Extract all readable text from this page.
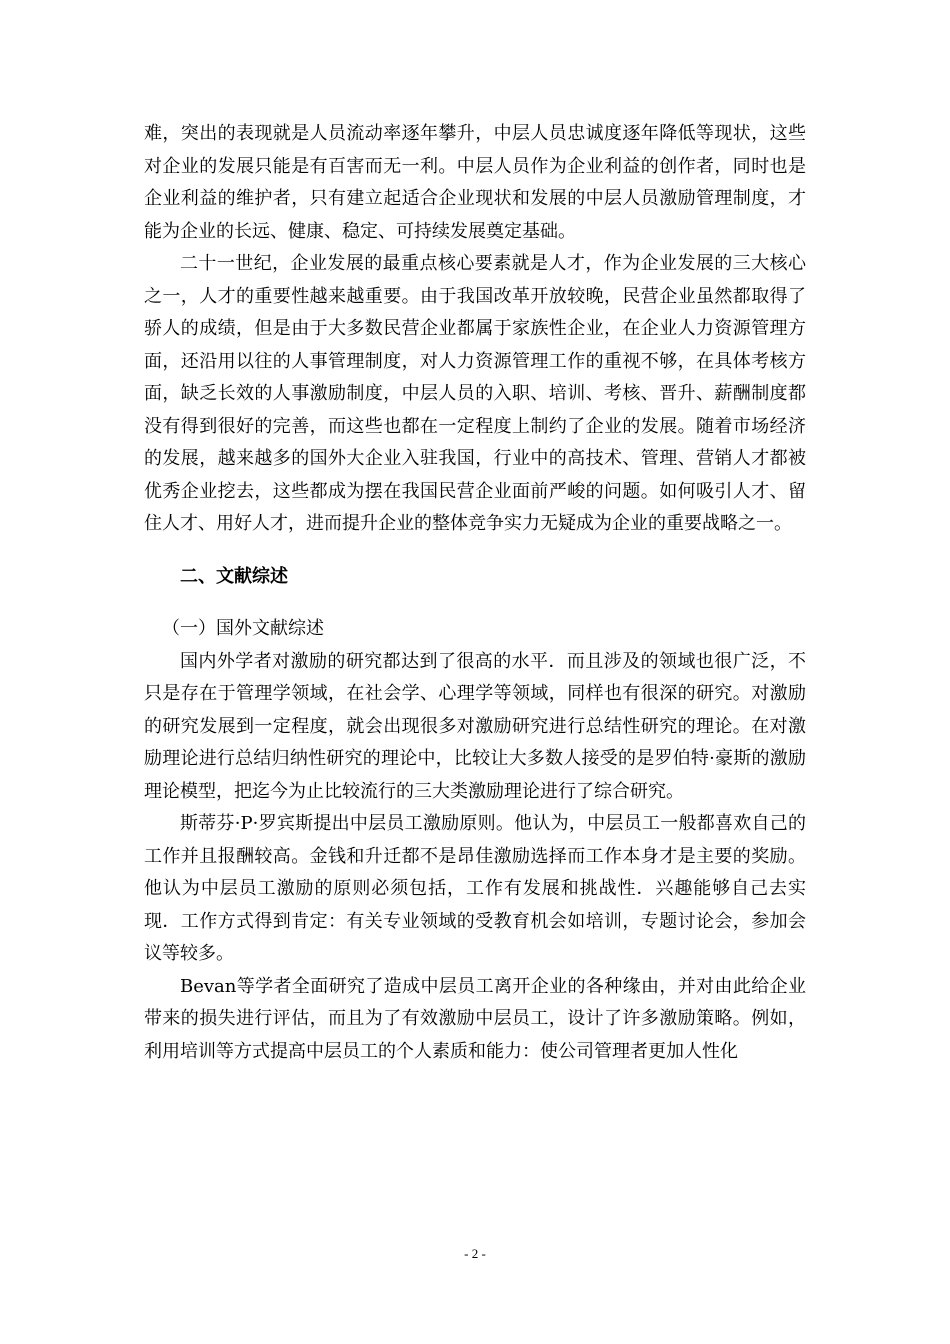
难，突出的表现就是人员流动率逐年攀升，中层人员忠诚度逐年降低等现状，这些对企业的发展只能是有百害而无一利。中层人员作为企业利益的创作者，同时也是企业利益的维护者，只有建立起适合企业现状和发展的中层人员激励管理制度，才能为企业的长远、健康、稳定、可持续发展奠定基础。

二十一世纪，企业发展的最重点核心要素就是人才，作为企业发展的三大核心之一，人才的重要性越来越重要。由于我国改革开放较晚，民营企业虽然都取得了骄人的成绩，但是由于大多数民营企业都属于家族性企业，在企业人力资源管理方面，还沿用以往的人事管理制度，对人力资源管理工作的重视不够，在具体考核方面，缺乏长效的人事激励制度，中层人员的入职、培训、考核、晋升、薪酬制度都没有得到很好的完善，而这些也都在一定程度上制约了企业的发展。随着市场经济的发展，越来越多的国外大企业入驻我国，行业中的高技术、管理、营销人才都被优秀企业挖去，这些都成为摆在我国民营企业面前严峻的问题。如何吸引人才、留住人才、用好人才，进而提升企业的整体竞争实力无疑成为企业的重要战略之一。

二、文献综述

（一）国外文献综述

国内外学者对激励的研究都达到了很高的水平．而且涉及的领域也很广泛，不只是存在于管理学领域，在社会学、心理学等领域，同样也有很深的研究。对激励的研究发展到一定程度，就会出现很多对激励研究进行总结性研究的理论。在对激励理论进行总结归纳性研究的理论中，比较让大多数人接受的是罗伯特·豪斯的激励理论模型，把迄今为止比较流行的三大类激励理论进行了综合研究。

斯蒂芬·P·罗宾斯提出中层员工激励原则。他认为，中层员工一般都喜欢自己的工作并且报酬较高。金钱和升迁都不是昂佳激励选择而工作本身才是主要的奖励。他认为中层员工激励的原则必须包括，工作有发展和挑战性．兴趣能够自己去实现．工作方式得到肯定：有关专业领域的受教育机会如培训，专题讨论会，参加会议等较多。

Bevan等学者全面研究了造成中层员工离开企业的各种缘由，并对由此给企业带来的损失进行评估，而且为了有效激励中层员工，设计了许多激励策略。例如，利用培训等方式提高中层员工的个人素质和能力：使公司管理者更加人性化

- 2 -
